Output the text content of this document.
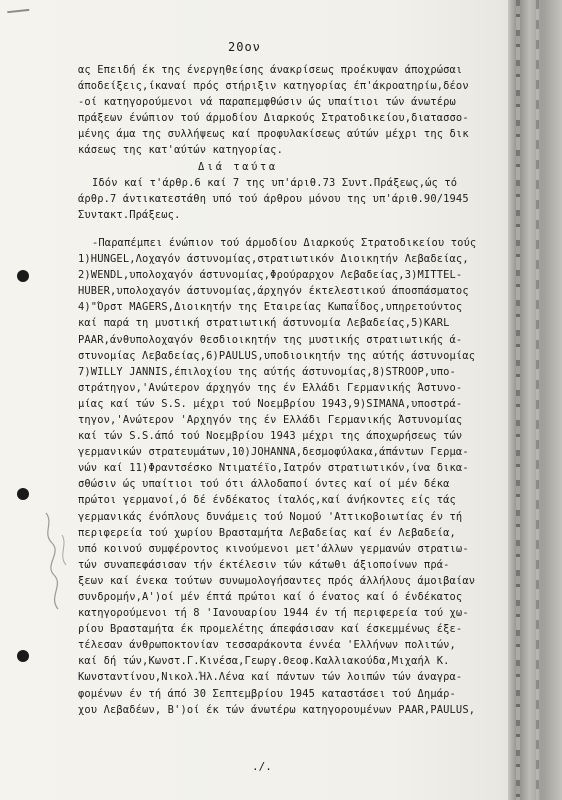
20ον
ας Επειδή έκ της ένεργηθείσης άνακρίσεως προέκυψαν άποχρώσαι
άποδείξεις,ίκαναί πρός στήριξιν κατηγορίας έπ'άκροατηρίω,δέον
-οί κατηγορούμενοι νά παραπεμφθώσιν ώς υπαίτιοι τών άνωτέρω
πράξεων ένώπιον τού άρμοδίου Διαρκούς Στρατοδικείου,διατασσο-
μένης άμα της συλλήψεως καί προφυλακίσεως αύτών μέχρι της δικ
κάσεως της κατ'αύτών κατηγορίας.
Διά ταύτα
Ιδόν καί τ'άρθρ.6 καί 7 της υπ'άριθ.73 Συντ.Πράξεως,ώς τό
άρθρ.7 άντικατεστάθη υπό τού άρθρου μόνου της υπ'άριθ.90/1945
Συντακτ.Πράξεως.
-Παραπέμπει ένώπιον τού άρμοδίου Διαρκούς Στρατοδικείου τούς
1)HUNGEL,Λοχαγόν άστυνομίας,στρατιωτικόν Διοικητήν Λεβαδείας,
2)WENDL,υπολοχαγόν άστυνομίας,Φρούραρχον Λεβαδείας,3)MITTEL-
HUBER,υπολοχαγόν άστυνομίας,άρχηγόν έκτελεστικού άποσπάσματος
4)"Όρστ MAGERS,Διοικητήν της Εταιρείας Κωπαΐδος,υπηρετούντος
καί παρά τη μυστική στρατιωτική άστυνομία Λεβαδείας,5)KARL
PAAR,άνθυπολοχαγόν θεσδιοικητήν της μυστικής στρατιωτικής ά-
στυνομίας Λεβαδείας,6)PAULUS,υποδιοικητήν της αύτής άστυνομίας
7)WILLY JANNIS,έπιλοχίου της αύτής άστυνομίας,8)STROOP,υπο-
στράτηγον,'Ανώτερον άρχηγόν της έν Ελλάδι Γερμανικής Άστυνο-
μίας καί τών S.S. μέχρι τού Νοεμβρίου 1943,9)SIMANA,υποστρά-
τηγον,'Ανώτερον 'Αρχηγόν της έν Ελλάδι Γερμανικής Άστυνομίας
καί τών S.S.άπό τού Νοεμβρίου 1943 μέχρι της άποχωρήσεως τών
γερμανικών στρατευμάτων,10)JOHANNA,δεσμοφύλακα,άπάντων Γερμα-
νών καί 11)Φραντσέσκο Ντιματέϊο,Ιατρόν στρατιωτικόν,ίνα δικα-
σθώσιν ώς υπαίτιοι τού ότι άλλοδαποί όντες καί οί μέν δέκα
πρώτοι γερμανοί,ό δέ ένδέκατος ίταλός,καί άνήκοντες είς τάς
γερμανικάς ένόπλους δυνάμεις τού Νομού 'Αττικοβοιωτίας έν τή
περιφερεία τού χωρίου Βρασταμήτα Λεβαδείας καί έν Λεβαδεία,
υπό κοινού συμφέροντος κινούμενοι μετ'άλλων γερμανών στρατιω-
τών συναπεφάσισαν τήν έκτέλεσιν τών κάτωθι άξιοποίνων πρά-
ξεων καί ένεκα τούτων συνωμολογήσαντες πρός άλλήλους άμοιβαίαν
συνδρομήν,Α')οί μέν έπτά πρώτοι καί ό ένατος καί ό ένδέκατος
κατηγορούμενοι τή 8 'Ιανουαρίου 1944 έν τή περιφερεία τού χω-
ρίου Βρασταμήτα έκ προμελέτης άπεφάσισαν καί έσκεμμένως έξε-
τέλεσαν άνθρωποκτονίαν τεσσαράκοντα έννέα 'Ελλήνων πολιτών,
καί δή τών,Κωνστ.Γ.Κινέσα,Γεωργ.Θεοφ.Καλλιακούδα,Μιχαήλ Κ.
Κωνσταντίνου,Νικολ.Ήλ.Λένα καί πάντων τών λοιπών τών άναγρα-
φομένων έν τή άπό 30 Σεπτεμβρίου 1945 καταστάσει τού Δημάρ-
χου Λεβαδέων, Β')οί έκ τών άνωτέρω κατηγορουμένων PAAR,PAULUS,
./.
